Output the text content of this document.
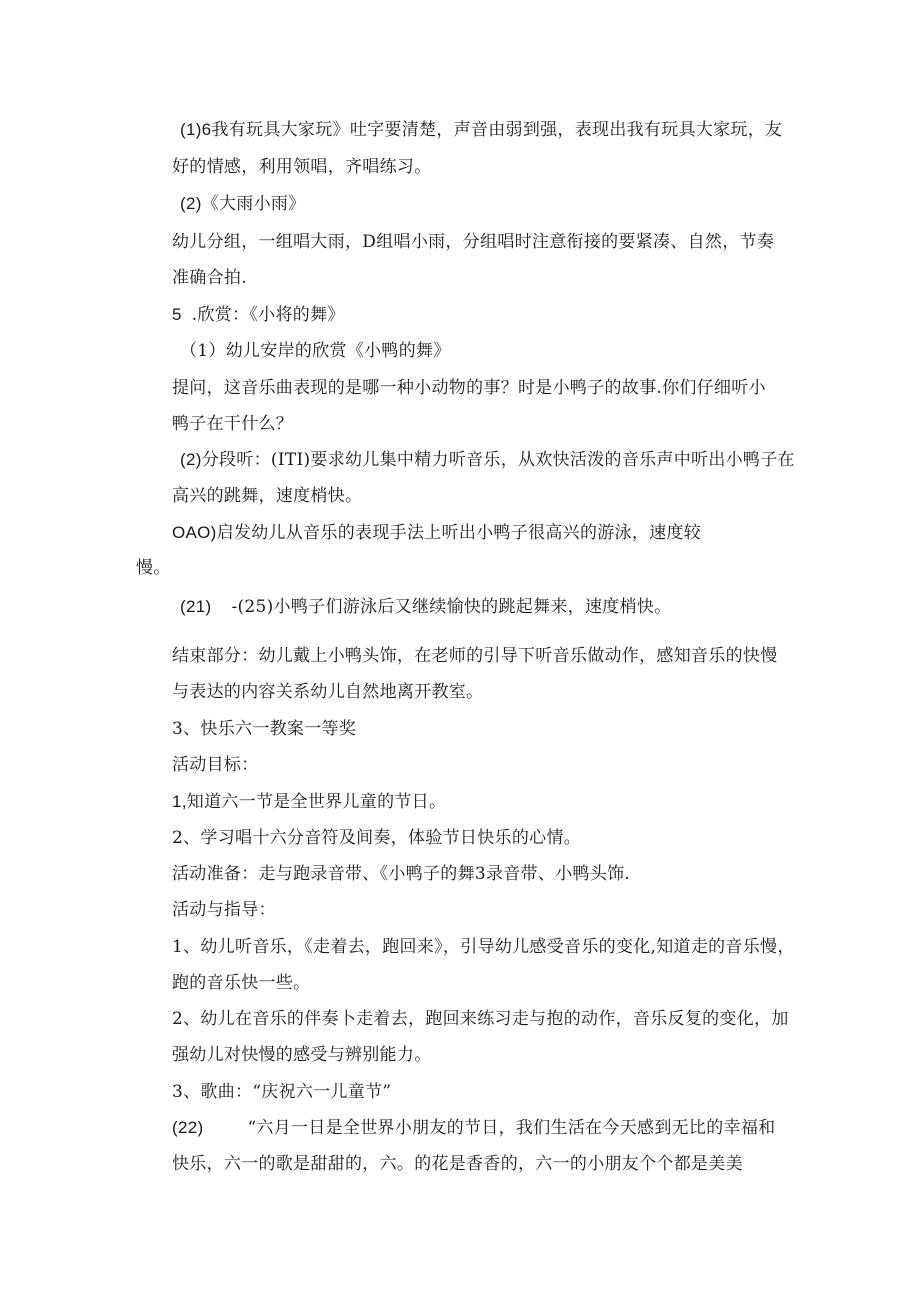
(1)6我有玩具大家玩》吐字要清楚，声音由弱到强，表现出我有玩具大家玩，友
好的情感，利用领唱，齐唱练习。
(2)《大雨小雨》
幼儿分组，一组唱大雨，D组唱小雨，分组唱时注意衔接的要紧凑、自然，节奏
准确合拍.
5 .欣赏：《小将的舞》
（1）幼儿安岸的欣赏《小鸭的舞》
提问，这音乐曲表现的是哪一种小动物的事？时是小鸭子的故事.你们仔细听小
鸭子在干什么？
(2)分段听：(ITI)要求幼儿集中精力听音乐，从欢快活泼的音乐声中听出小鸭子在
高兴的跳舞，速度梢快。
OAO)启发幼儿从音乐的表现手法上听出小鸭子很高兴的游泳，速度较
慢。
(21) -(25)小鸭子们游泳后又继续愉快的跳起舞来，速度梢快。
结束部分：幼儿戴上小鸭头饰，在老师的引导下听音乐做动作，感知音乐的快慢
与表达的内容关系幼儿自然地离开教室。
3、快乐六一教案一等奖
活动目标：
1,知道六一节是全世界儿童的节日。
2、学习唱十六分音符及间奏，体验节日快乐的心情。
活动准备：走与跑录音带、《小鸭子的舞3录音带、小鸭头饰.
活动与指导：
1、幼儿听音乐，《走着去，跑回来》，引导幼儿感受音乐的变化,知道走的音乐慢，
跑的音乐快一些。
2、幼儿在音乐的伴奏卜走着去，跑回来练习走与抱的动作，音乐反复的变化，加
强幼儿对快慢的感受与辨别能力。
3、歌曲：“庆祝六一儿童节”
(22)	“六月一日是全世界小朋友的节日，我们生活在今天感到无比的幸福和
快乐，六一的歌是甜甜的，六。的花是香香的，六一的小朋友个个都是美美
